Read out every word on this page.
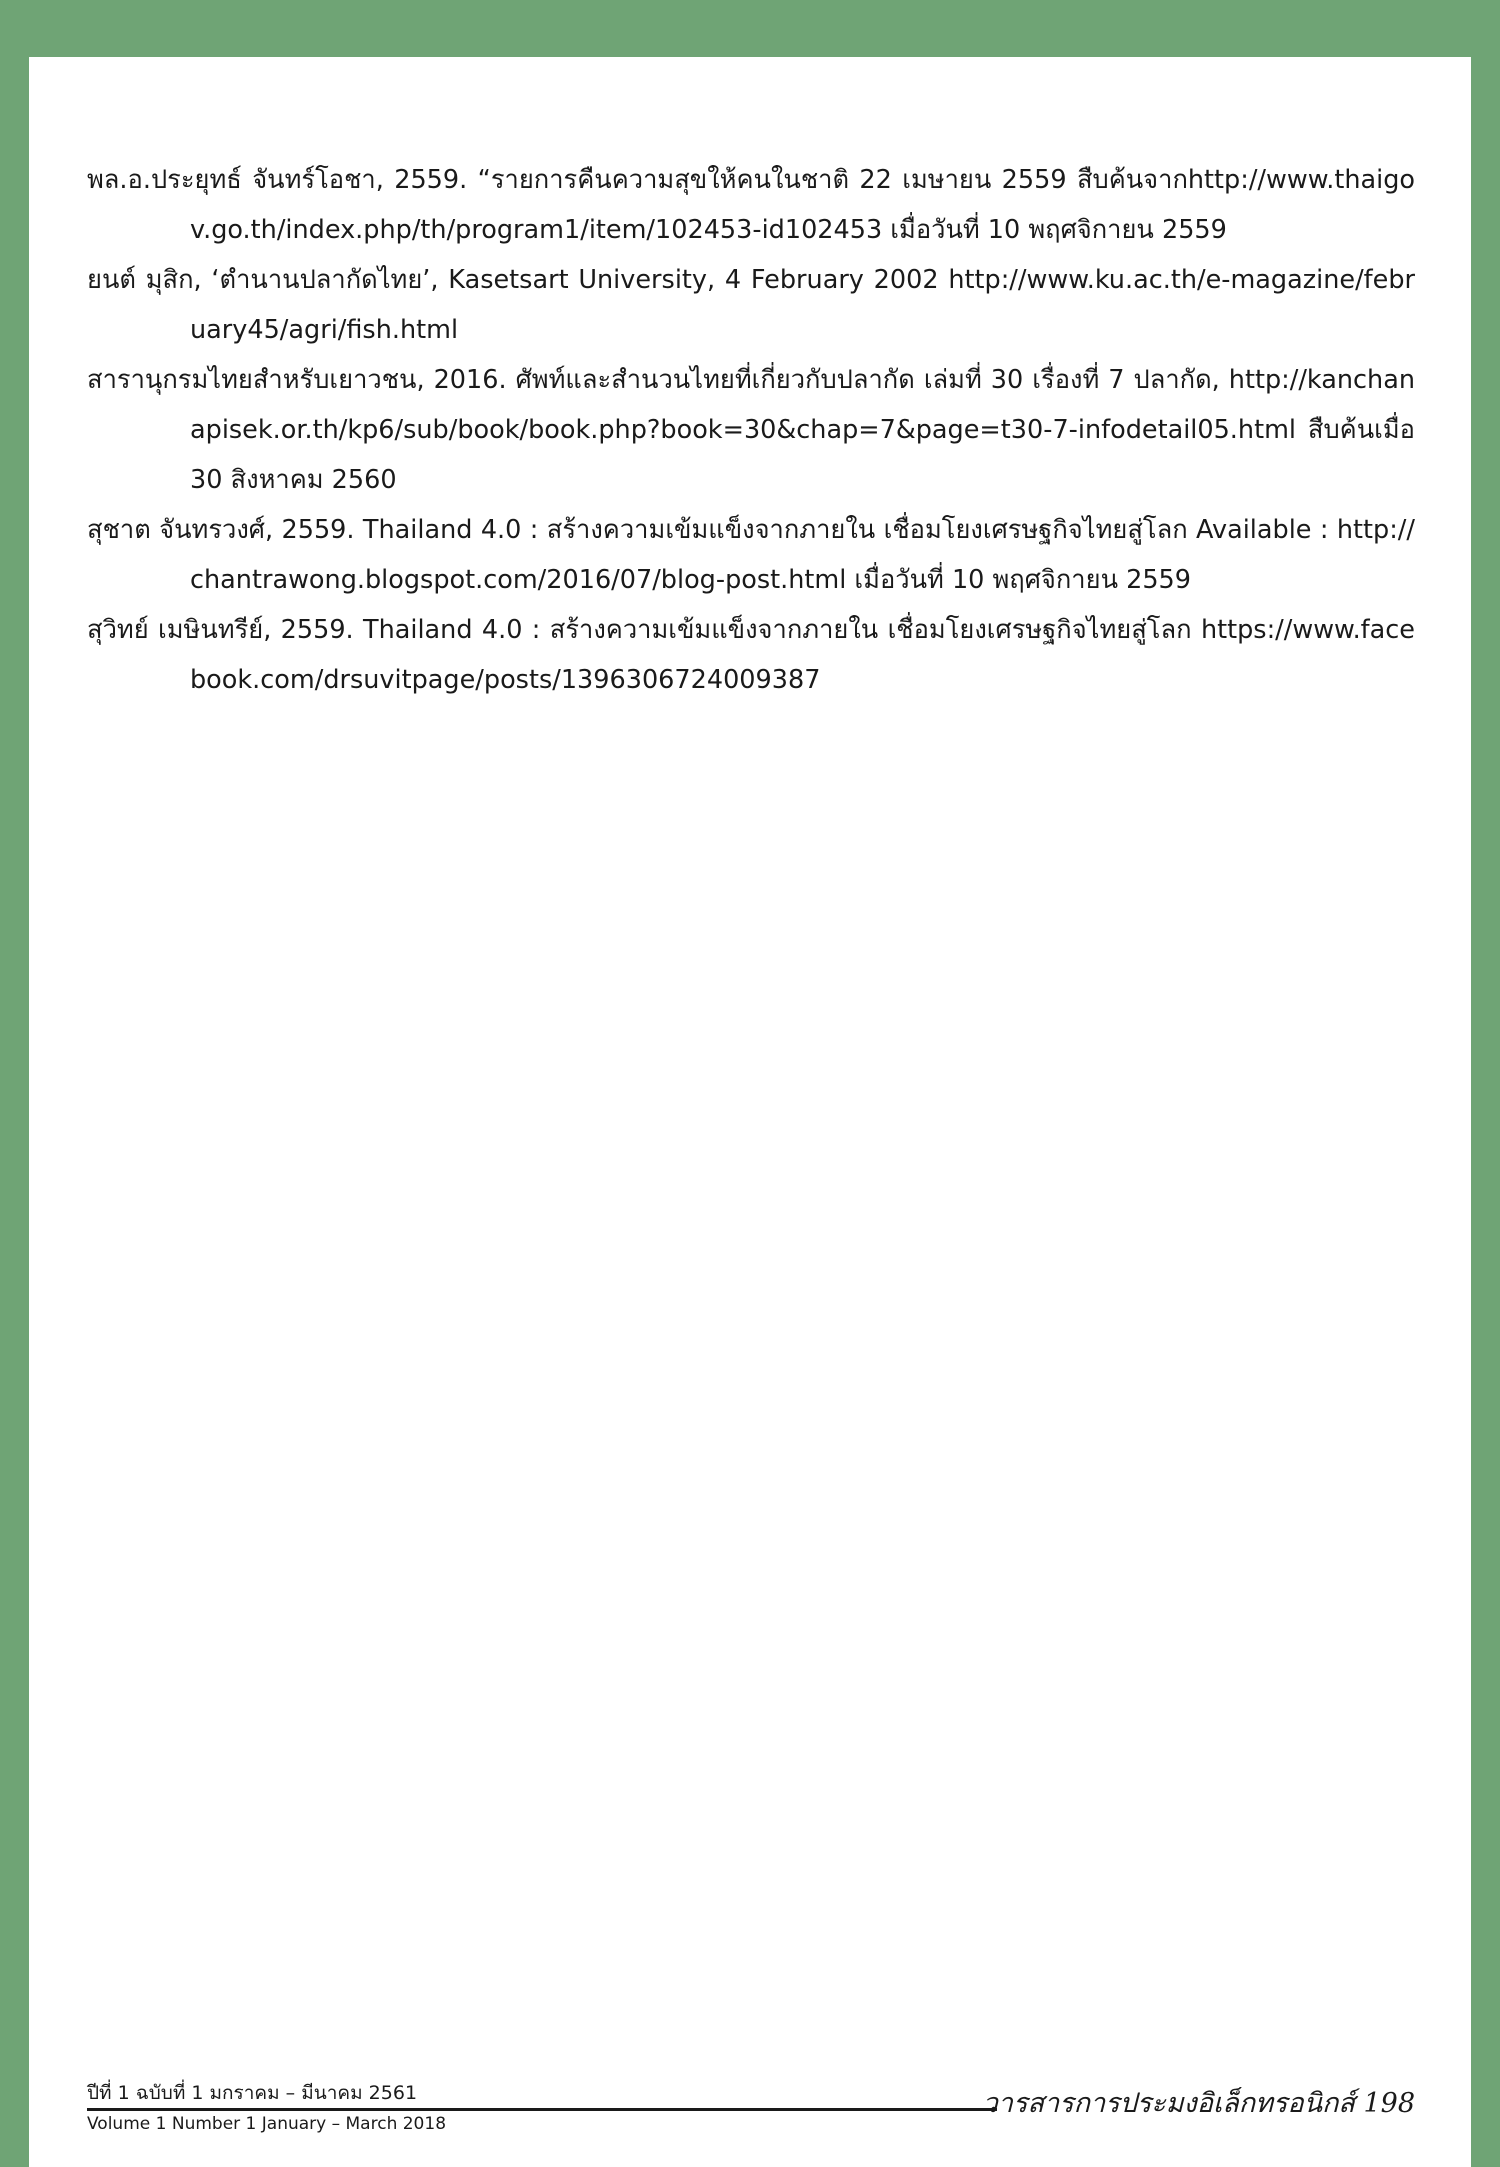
พล.อ.ประยุทธ์ จันทร์โอชา, 2559. “รายการคืนความสุขให้คนในชาติ 22 เมษายน 2559 สืบค้นจากhttp://www.thaigov.go.th/index.php/th/program1/item/102453-id102453 เมื่อวันที่ 10 พฤศจิกายน 2559

ยนต์ มุสิก, ‘ตำนานปลากัดไทย’, Kasetsart University, 4 February 2002 http://www.ku.ac.th/e-magazine/february45/agri/fish.html

สารานุกรมไทยสำหรับเยาวชน, 2016. ศัพท์และสำนวนไทยที่เกี่ยวกับปลากัด เล่มที่ 30 เรื่องที่ 7 ปลากัด, http://kanchanapisek.or.th/kp6/sub/book/book.php?book=30&chap=7&page=t30-7-infodetail05.html สืบค้นเมื่อ 30 สิงหาคม 2560

สุชาต จันทรวงศ์, 2559. Thailand 4.0 : สร้างความเข้มแข็งจากภายใน เชื่อมโยงเศรษฐกิจไทยสู่โลก Available : http://chantrawong.blogspot.com/2016/07/blog-post.html เมื่อวันที่ 10 พฤศจิกายน 2559

สุวิทย์ เมษินทรีย์, 2559. Thailand 4.0 : สร้างความเข้มแข็งจากภายใน เชื่อมโยงเศรษฐกิจไทยสู่โลก https://www.facebook.com/drsuvitpage/posts/1396306724009387

ปีที่ 1 ฉบับที่ 1 มกราคม – มีนาคม 2561
Volume 1 Number 1 January – March 2018
วารสารการประมงอิเล็กทรอนิกส์ 198
